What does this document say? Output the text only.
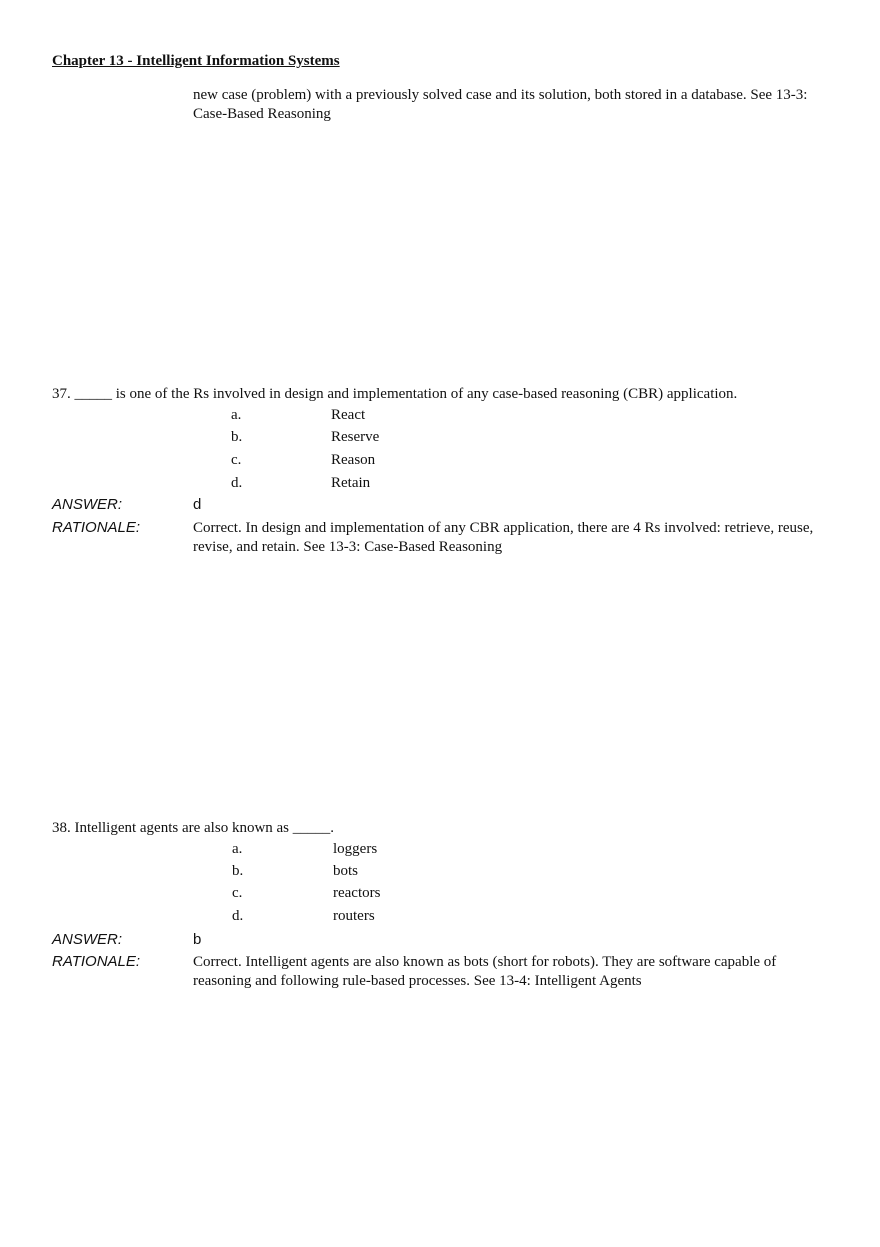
Chapter 13 - Intelligent Information Systems
new case (problem) with a previously solved case and its solution, both stored in a database. See 13-3: Case-Based Reasoning
37. _____ is one of the Rs involved in design and implementation of any case-based reasoning (CBR) application.
a.	React
b.	Reserve
c.	Reason
d.	Retain
ANSWER:	d
RATIONALE:	Correct. In design and implementation of any CBR application, there are 4 Rs involved: retrieve, reuse, revise, and retain. See 13-3: Case-Based Reasoning
38. Intelligent agents are also known as _____.
a.	loggers
b.	bots
c.	reactors
d.	routers
ANSWER:	b
RATIONALE:	Correct. Intelligent agents are also known as bots (short for robots). They are software capable of reasoning and following rule-based processes. See 13-4: Intelligent Agents
